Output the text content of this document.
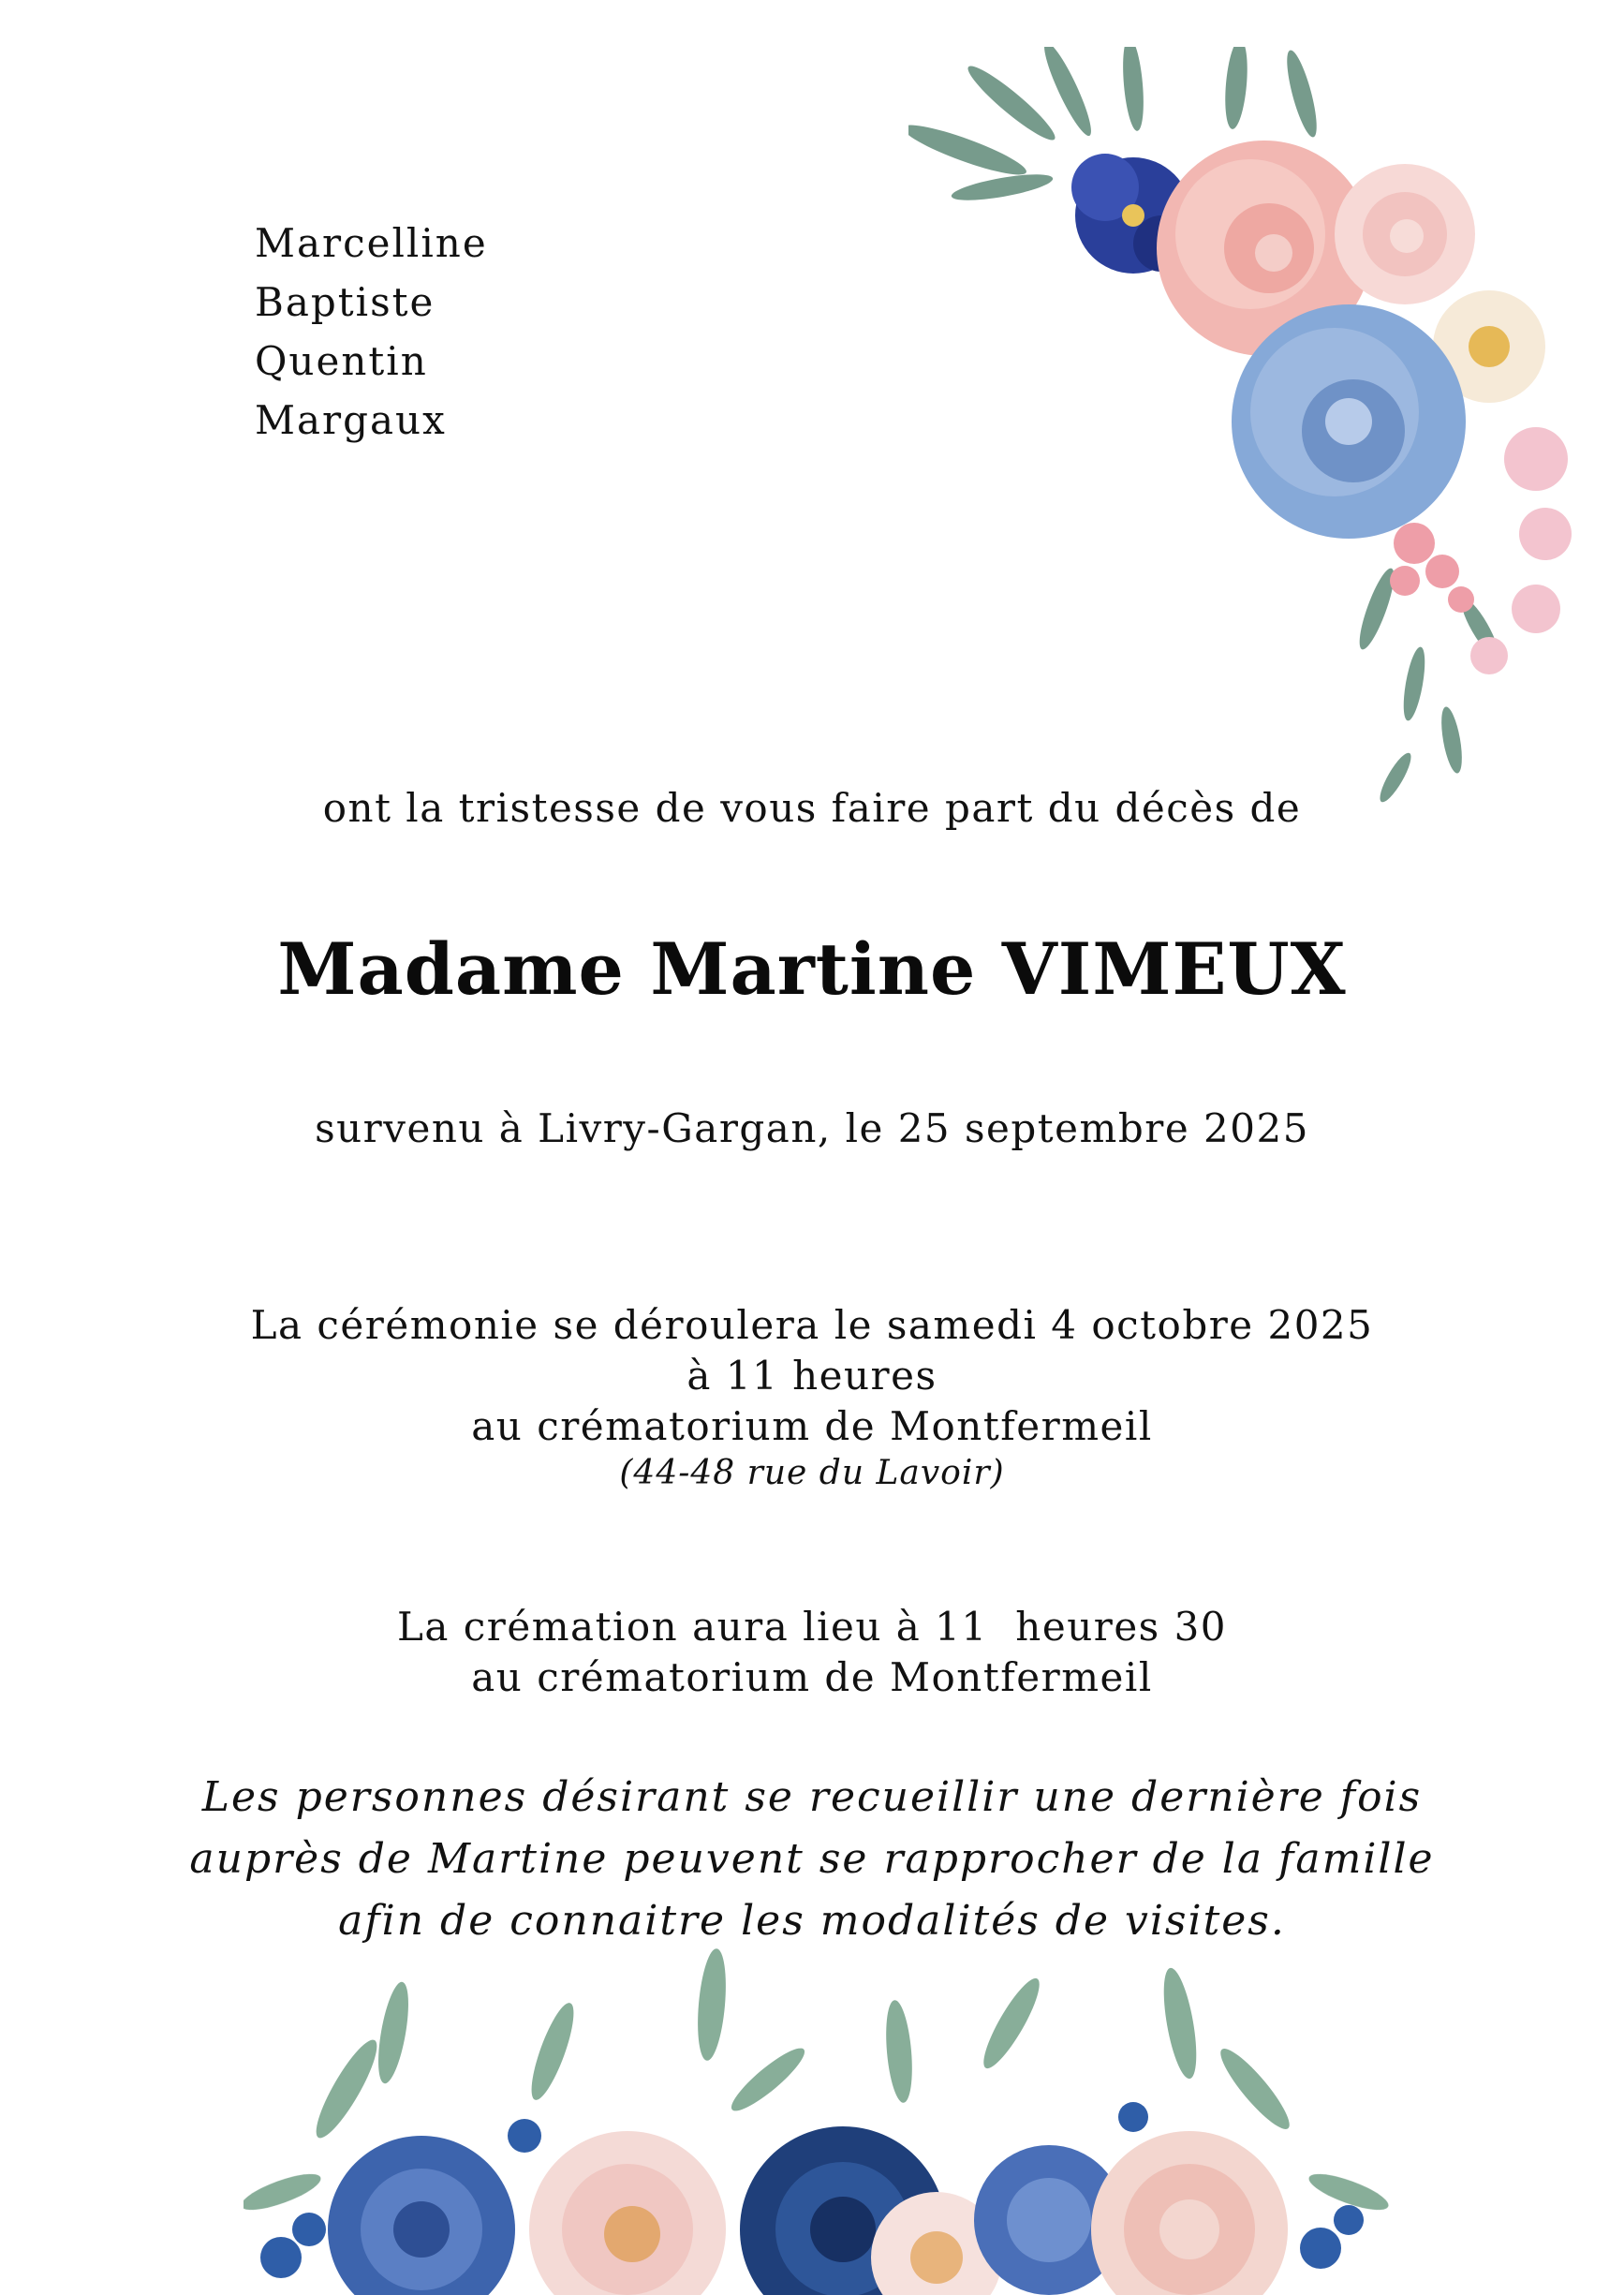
Marcelline
Baptiste
Quentin
Margaux
ont la tristesse de vous faire part du décès de
Madame Martine VIMEUX
survenu à Livry-Gargan, le 25 septembre 2025
La cérémonie se déroulera le samedi 4 octobre 2025
à 11 heures
au crématorium de Montfermeil
(44-48 rue du Lavoir)
La crémation aura lieu à 11  heures 30
au crématorium de Montfermeil
Les personnes désirant se recueillir une dernière fois
auprès de Martine peuvent se rapprocher de la famille
afin de connaitre les modalités de visites.
